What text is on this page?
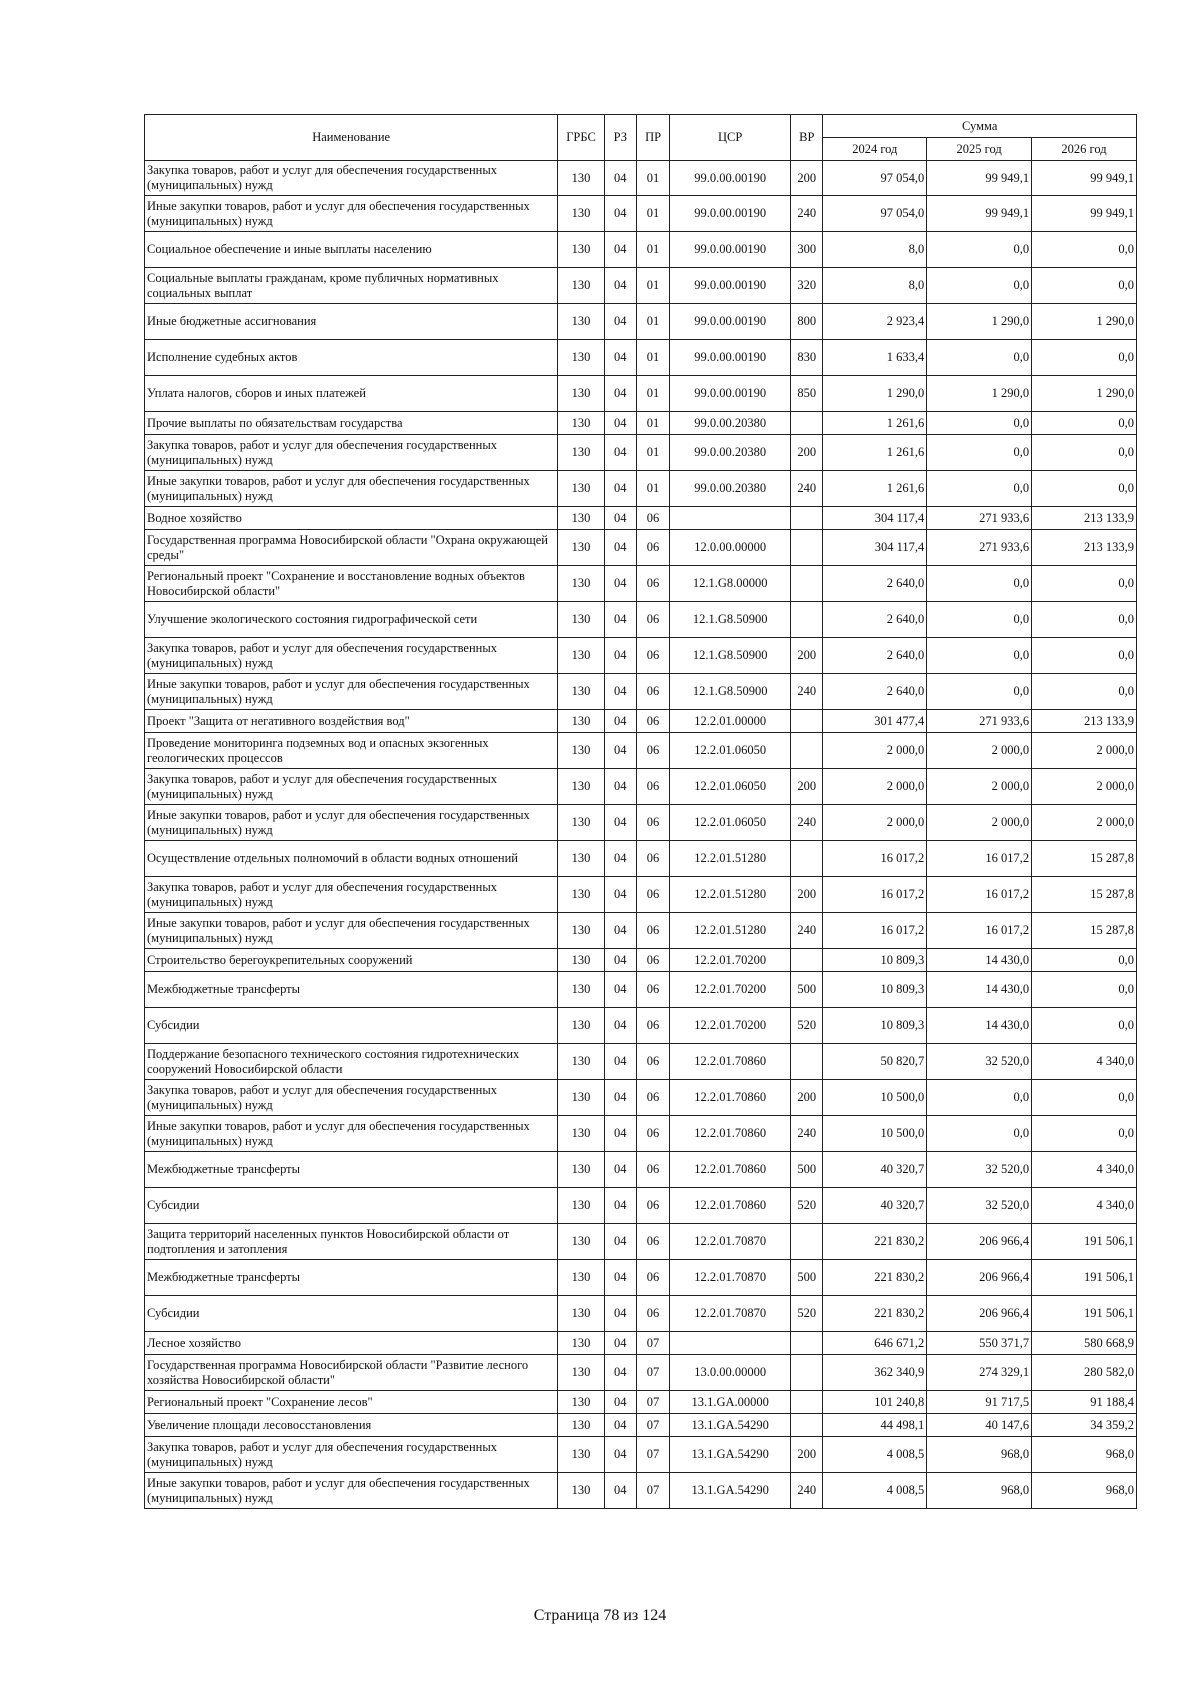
Наименование	ГРБС	РЗ	ПР	ЦСР	ВР	Сумма		
						2024 год	2025 год	2026 год
Закупка товаров, работ и услуг для обеспечения государственных (муниципальных) нужд	130	04	01	99.0.00.00190	200	97 054,0	99 949,1	99 949,1
Иные закупки товаров, работ и услуг для обеспечения государственных (муниципальных) нужд	130	04	01	99.0.00.00190	240	97 054,0	99 949,1	99 949,1
Социальное обеспечение и иные выплаты населению	130	04	01	99.0.00.00190	300	8,0	0,0	0,0
Социальные выплаты гражданам, кроме публичных нормативных социальных выплат	130	04	01	99.0.00.00190	320	8,0	0,0	0,0
Иные бюджетные ассигнования	130	04	01	99.0.00.00190	800	2 923,4	1 290,0	1 290,0
Исполнение судебных актов	130	04	01	99.0.00.00190	830	1 633,4	0,0	0,0
Уплата налогов, сборов и иных платежей	130	04	01	99.0.00.00190	850	1 290,0	1 290,0	1 290,0
Прочие выплаты по обязательствам государства	130	04	01	99.0.00.20380		1 261,6	0,0	0,0
Закупка товаров, работ и услуг для обеспечения государственных (муниципальных) нужд	130	04	01	99.0.00.20380	200	1 261,6	0,0	0,0
Иные закупки товаров, работ и услуг для обеспечения государственных (муниципальных) нужд	130	04	01	99.0.00.20380	240	1 261,6	0,0	0,0
Водное хозяйство	130	04	06			304 117,4	271 933,6	213 133,9
Государственная программа Новосибирской области "Охрана окружающей среды"	130	04	06	12.0.00.00000		304 117,4	271 933,6	213 133,9
Региональный проект "Сохранение и восстановление водных объектов Новосибирской области"	130	04	06	12.1.G8.00000		2 640,0	0,0	0,0
Улучшение экологического состояния гидрографической сети	130	04	06	12.1.G8.50900		2 640,0	0,0	0,0
Закупка товаров, работ и услуг для обеспечения государственных (муниципальных) нужд	130	04	06	12.1.G8.50900	200	2 640,0	0,0	0,0
Иные закупки товаров, работ и услуг для обеспечения государственных (муниципальных) нужд	130	04	06	12.1.G8.50900	240	2 640,0	0,0	0,0
Проект "Защита от негативного воздействия вод"	130	04	06	12.2.01.00000		301 477,4	271 933,6	213 133,9
Проведение мониторинга подземных вод и опасных экзогенных геологических процессов	130	04	06	12.2.01.06050		2 000,0	2 000,0	2 000,0
Закупка товаров, работ и услуг для обеспечения государственных (муниципальных) нужд	130	04	06	12.2.01.06050	200	2 000,0	2 000,0	2 000,0
Иные закупки товаров, работ и услуг для обеспечения государственных (муниципальных) нужд	130	04	06	12.2.01.06050	240	2 000,0	2 000,0	2 000,0
Осуществление отдельных полномочий в области водных отношений	130	04	06	12.2.01.51280		16 017,2	16 017,2	15 287,8
Закупка товаров, работ и услуг для обеспечения государственных (муниципальных) нужд	130	04	06	12.2.01.51280	200	16 017,2	16 017,2	15 287,8
Иные закупки товаров, работ и услуг для обеспечения государственных (муниципальных) нужд	130	04	06	12.2.01.51280	240	16 017,2	16 017,2	15 287,8
Строительство берегоукрепительных сооружений	130	04	06	12.2.01.70200		10 809,3	14 430,0	0,0
Межбюджетные трансферты	130	04	06	12.2.01.70200	500	10 809,3	14 430,0	0,0
Субсидии	130	04	06	12.2.01.70200	520	10 809,3	14 430,0	0,0
Поддержание безопасного технического состояния гидротехнических сооружений Новосибирской области	130	04	06	12.2.01.70860		50 820,7	32 520,0	4 340,0
Закупка товаров, работ и услуг для обеспечения государственных (муниципальных) нужд	130	04	06	12.2.01.70860	200	10 500,0	0,0	0,0
Иные закупки товаров, работ и услуг для обеспечения государственных (муниципальных) нужд	130	04	06	12.2.01.70860	240	10 500,0	0,0	0,0
Межбюджетные трансферты	130	04	06	12.2.01.70860	500	40 320,7	32 520,0	4 340,0
Субсидии	130	04	06	12.2.01.70860	520	40 320,7	32 520,0	4 340,0
Защита территорий населенных пунктов Новосибирской области от подтопления и затопления	130	04	06	12.2.01.70870		221 830,2	206 966,4	191 506,1
Межбюджетные трансферты	130	04	06	12.2.01.70870	500	221 830,2	206 966,4	191 506,1
Субсидии	130	04	06	12.2.01.70870	520	221 830,2	206 966,4	191 506,1
Лесное хозяйство	130	04	07			646 671,2	550 371,7	580 668,9
Государственная программа Новосибирской области "Развитие лесного хозяйства Новосибирской области"	130	04	07	13.0.00.00000		362 340,9	274 329,1	280 582,0
Региональный проект "Сохранение лесов"	130	04	07	13.1.GA.00000		101 240,8	91 717,5	91 188,4
Увеличение площади лесовосстановления	130	04	07	13.1.GA.54290		44 498,1	40 147,6	34 359,2
Закупка товаров, работ и услуг для обеспечения государственных (муниципальных) нужд	130	04	07	13.1.GA.54290	200	4 008,5	968,0	968,0
Иные закупки товаров, работ и услуг для обеспечения государственных (муниципальных) нужд	130	04	07	13.1.GA.54290	240	4 008,5	968,0	968,0
Страница 78 из 124
